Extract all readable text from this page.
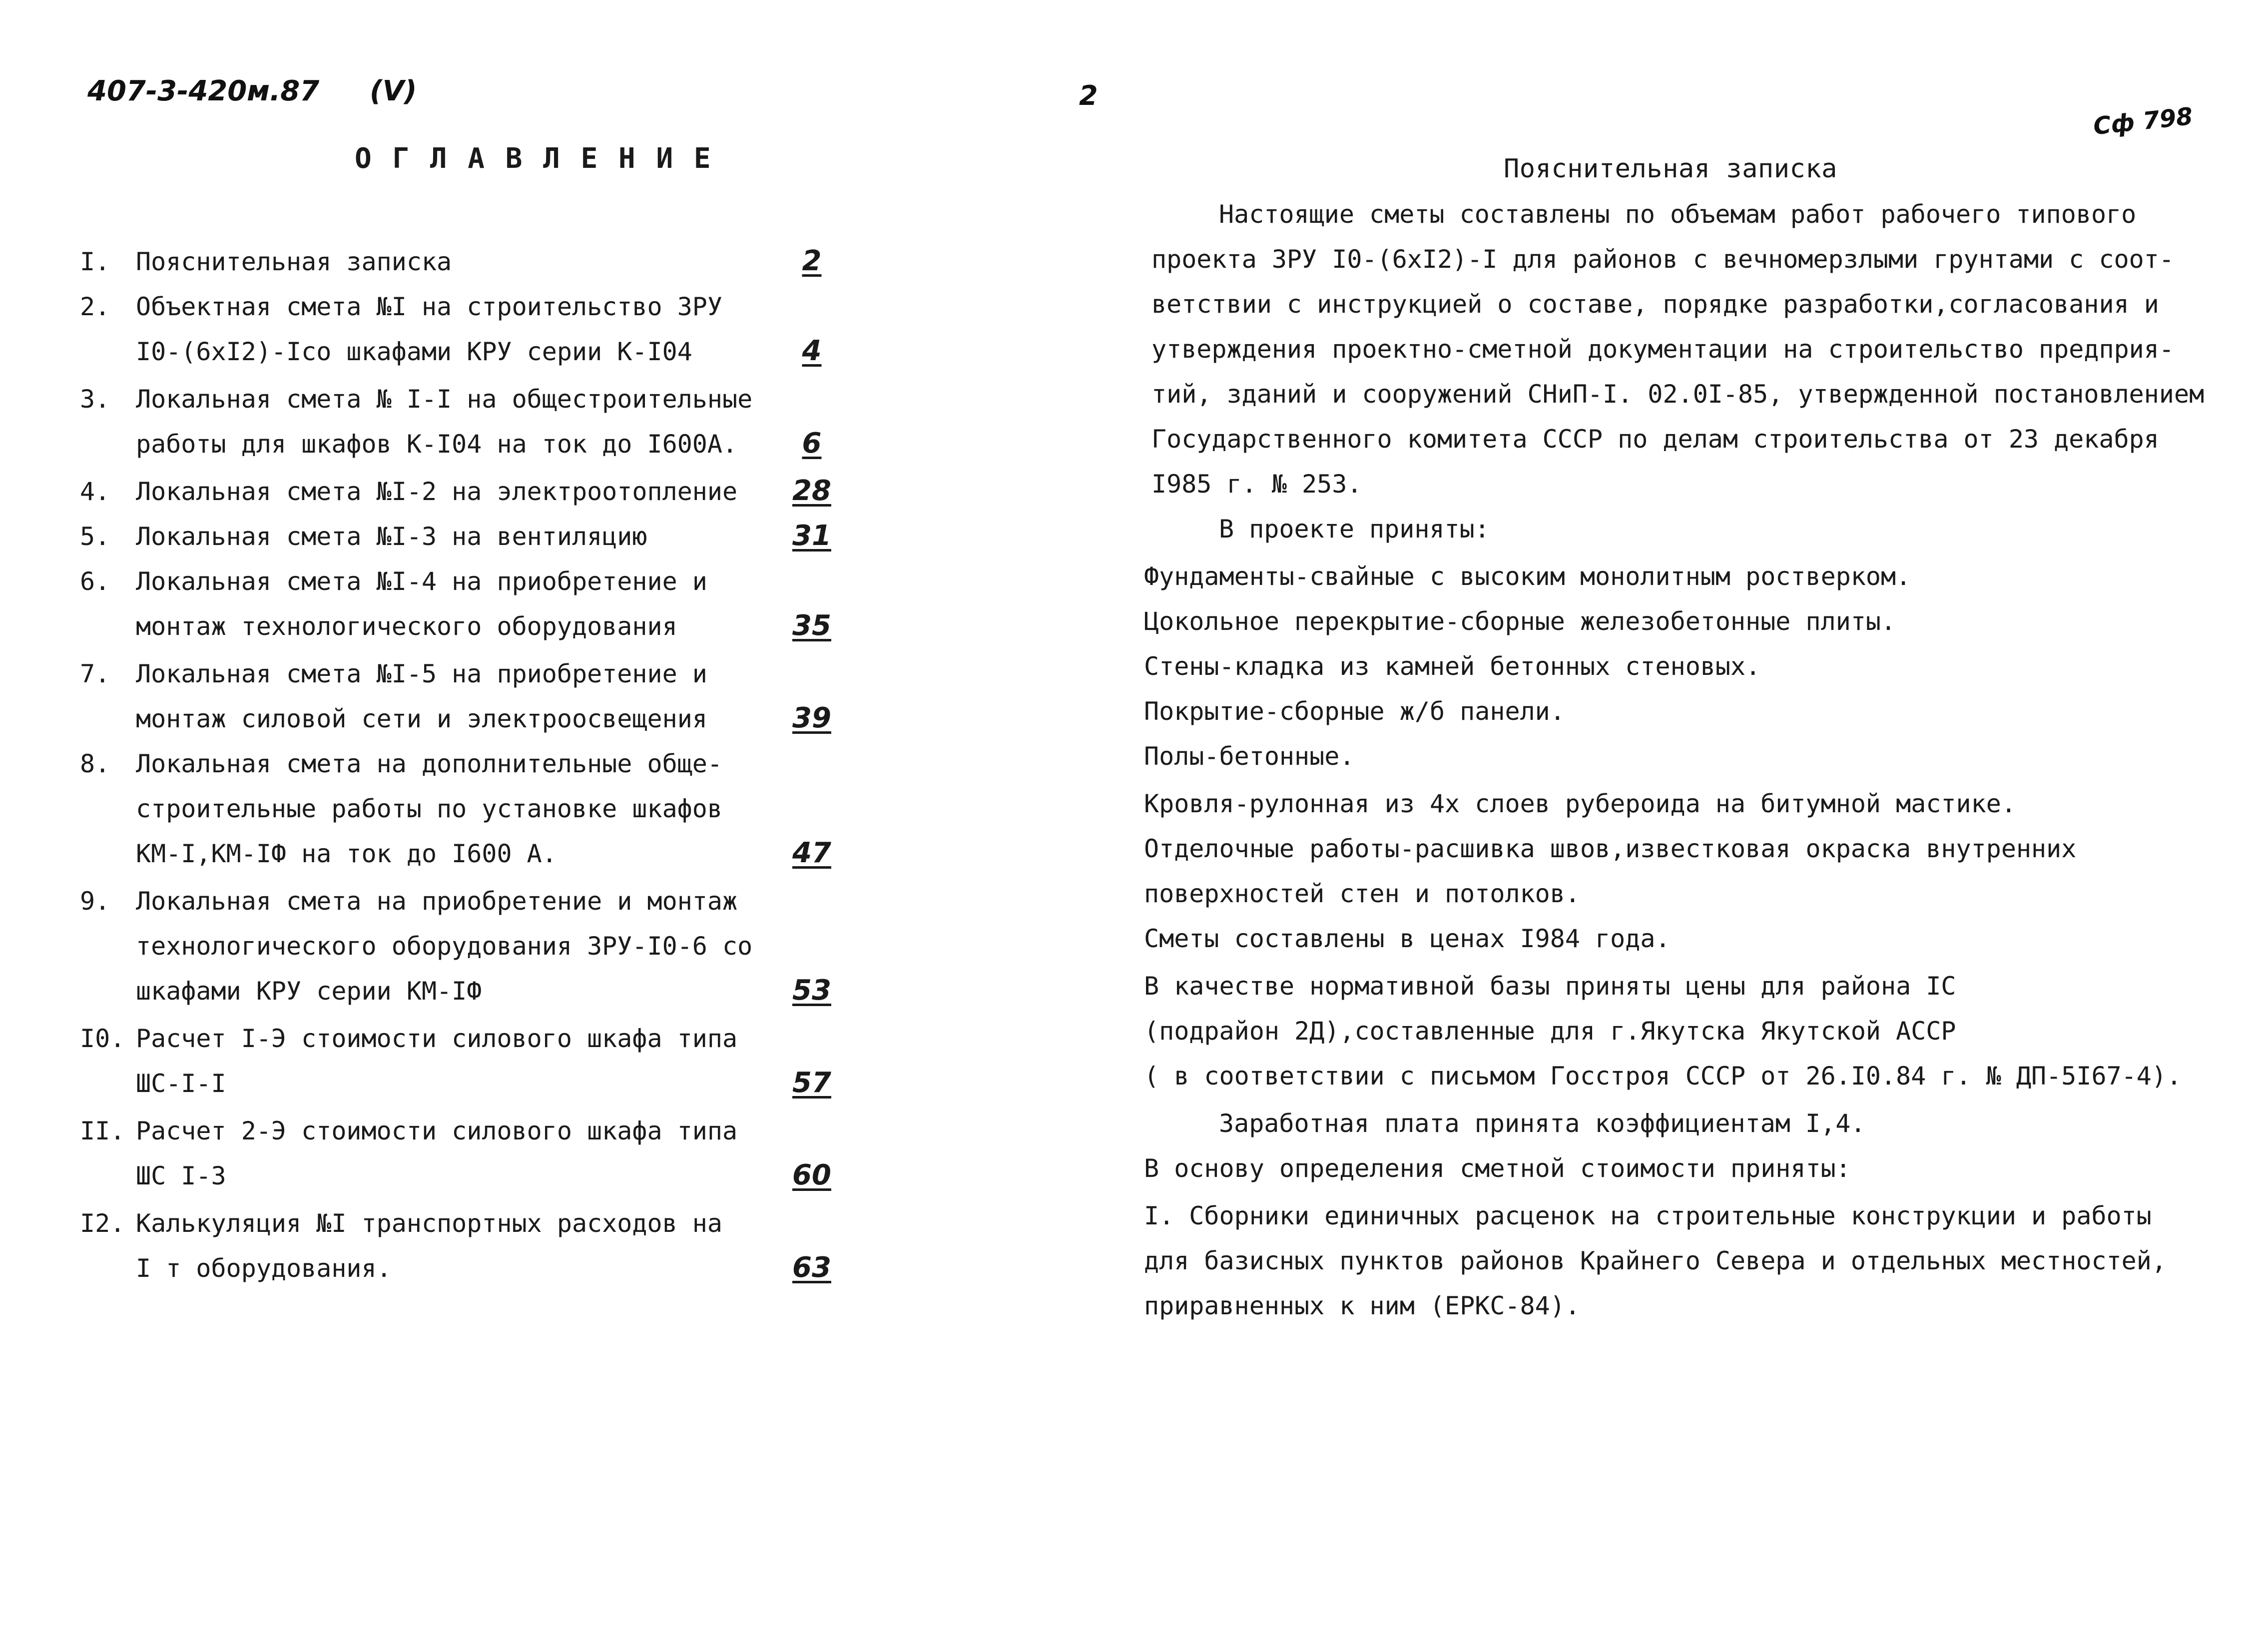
407-3-420м.87 (V)	2
Сф 798
О Г Л А В Л Е Н И Е
I. Пояснительная записка	2
2. Объектная смета №I на строительство ЗРУ
I0-(6хI2)-Iсо шкафами КРУ серии К-I04	4
3. Локальная смета № I-I на общестроительные
работы для шкафов К-I04 на ток до I600А.	6
4. Локальная смета №I-2 на электроотопление 28
5. Локальная смета №I-3 на вентиляцию	31
6. Локальная смета №I-4 на приобретение и
монтаж технологического оборудования	35
7. Локальная смета №I-5 на приобретение и
монтаж силовой сети и электроосвещения	39
8. Локальная смета на дополнительные обще-
строительные работы по установке шкафов
КМ-I,КМ-IФ на ток до I600 А.	47
9. Локальная смета на приобретение и монтаж
технологического оборудования ЗРУ-I0-6 со
шкафами КРУ серии КМ-IФ	53
I0. Расчет I-Э стоимости силового шкафа типа
ШС-I-I	57
II. Расчет 2-Э стоимости силового шкафа типа
ШС I-3	60
I2. Калькуляция №I транспортных расходов на
I т оборудования.	63
Пояснительная записка
Настоящие сметы составлены по объемам работ рабочего типового
проекта ЗРУ I0-(6хI2)-I для районов с вечномерзлыми грунтами с соот-
ветствии с инструкцией о составе, порядке разработки,согласования и
утверждения проектно-сметной документации на строительство предприя-
тий, зданий и сооружений СНиП-I. 02.0I-85, утвержденной постановлением
Государственного комитета СССР по делам строительства от 23 декабря
I985 г. № 253.
В проекте приняты:
Фундаменты-свайные с высоким монолитным ростверком.
Цокольное перекрытие-сборные железобетонные плиты.
Стены-кладка из камней бетонных стеновых.
Покрытие-сборные ж/б панели.
Полы-бетонные.
Кровля-рулонная из 4х слоев рубероида на битумной мастике.
Отделочные работы-расшивка швов,известковая окраска внутренних
поверхностей стен и потолков.
Сметы составлены в ценах I984 года.
В качестве нормативной базы приняты цены для района IC
(подрайон 2Д),составленные для г.Якутска Якутской АССР
( в соответствии с письмом Госстроя СССР от 26.I0.84 г. № ДП-5I67-4).
Заработная плата принята коэффициентам I,4.
В основу определения сметной стоимости приняты:
I. Сборники единичных расценок на строительные конструкции и работы
для базисных пунктов районов Крайнего Севера и отдельных местностей,
приравненных к ним (ЕРКС-84).
